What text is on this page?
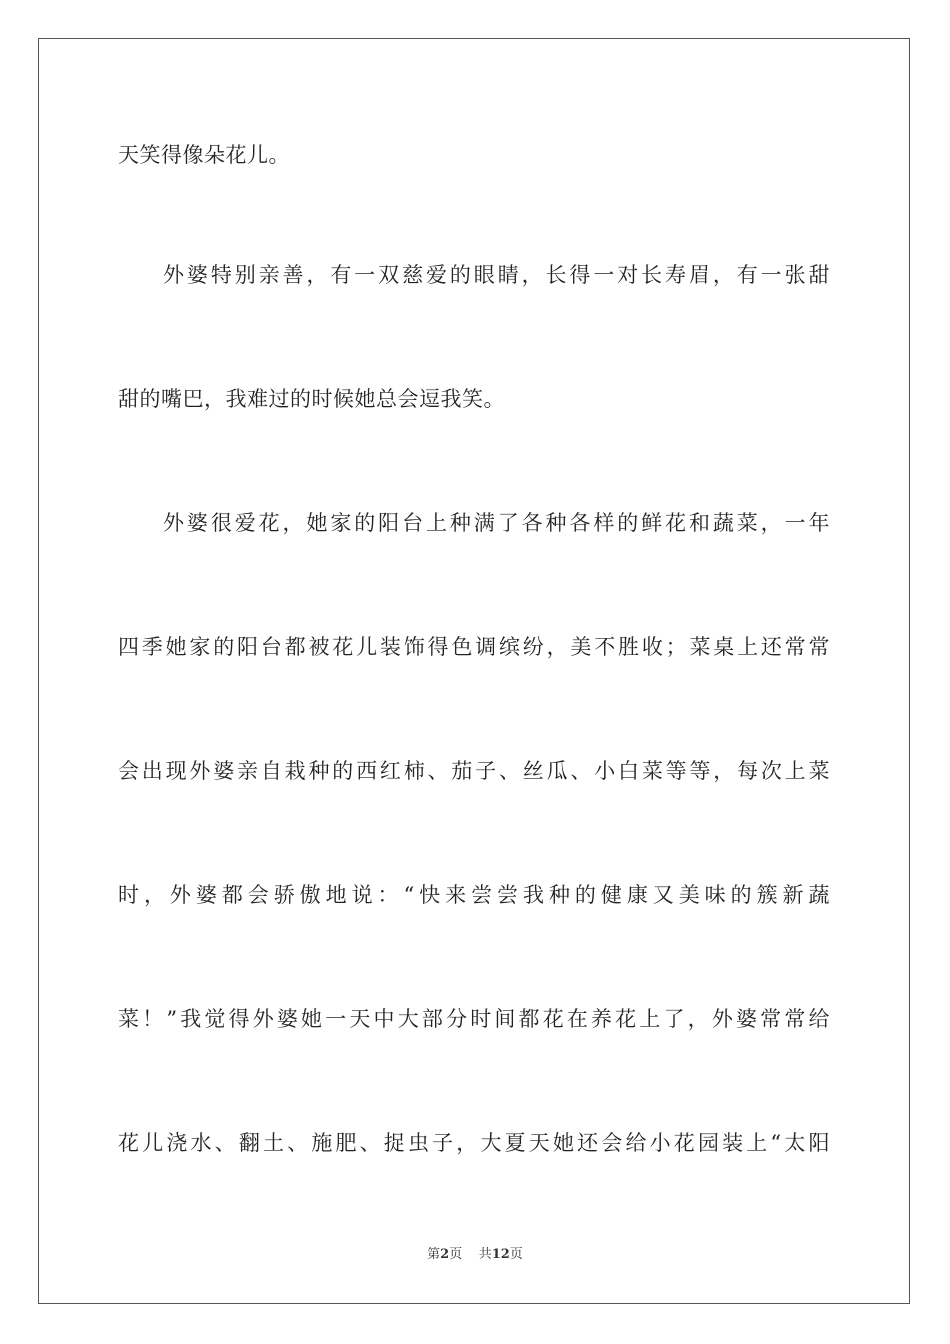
天笑得像朵花儿。
外婆特别亲善，有一双慈爱的眼睛，长得一对长寿眉，有一张甜
甜的嘴巴，我难过的时候她总会逗我笑。
外婆很爱花，她家的阳台上种满了各种各样的鲜花和蔬菜，一年
四季她家的阳台都被花儿装饰得色调缤纷，美不胜收；菜桌上还常常
会出现外婆亲自栽种的西红柿、茄子、丝瓜、小白菜等等，每次上菜
时，外婆都会骄傲地说：“快来尝尝我种的健康又美味的簇新蔬
菜！”我觉得外婆她一天中大部分时间都花在养花上了，外婆常常给
花儿浇水、翻土、施肥、捉虫子，大夏天她还会给小花园装上“太阳
第2页 共12页
